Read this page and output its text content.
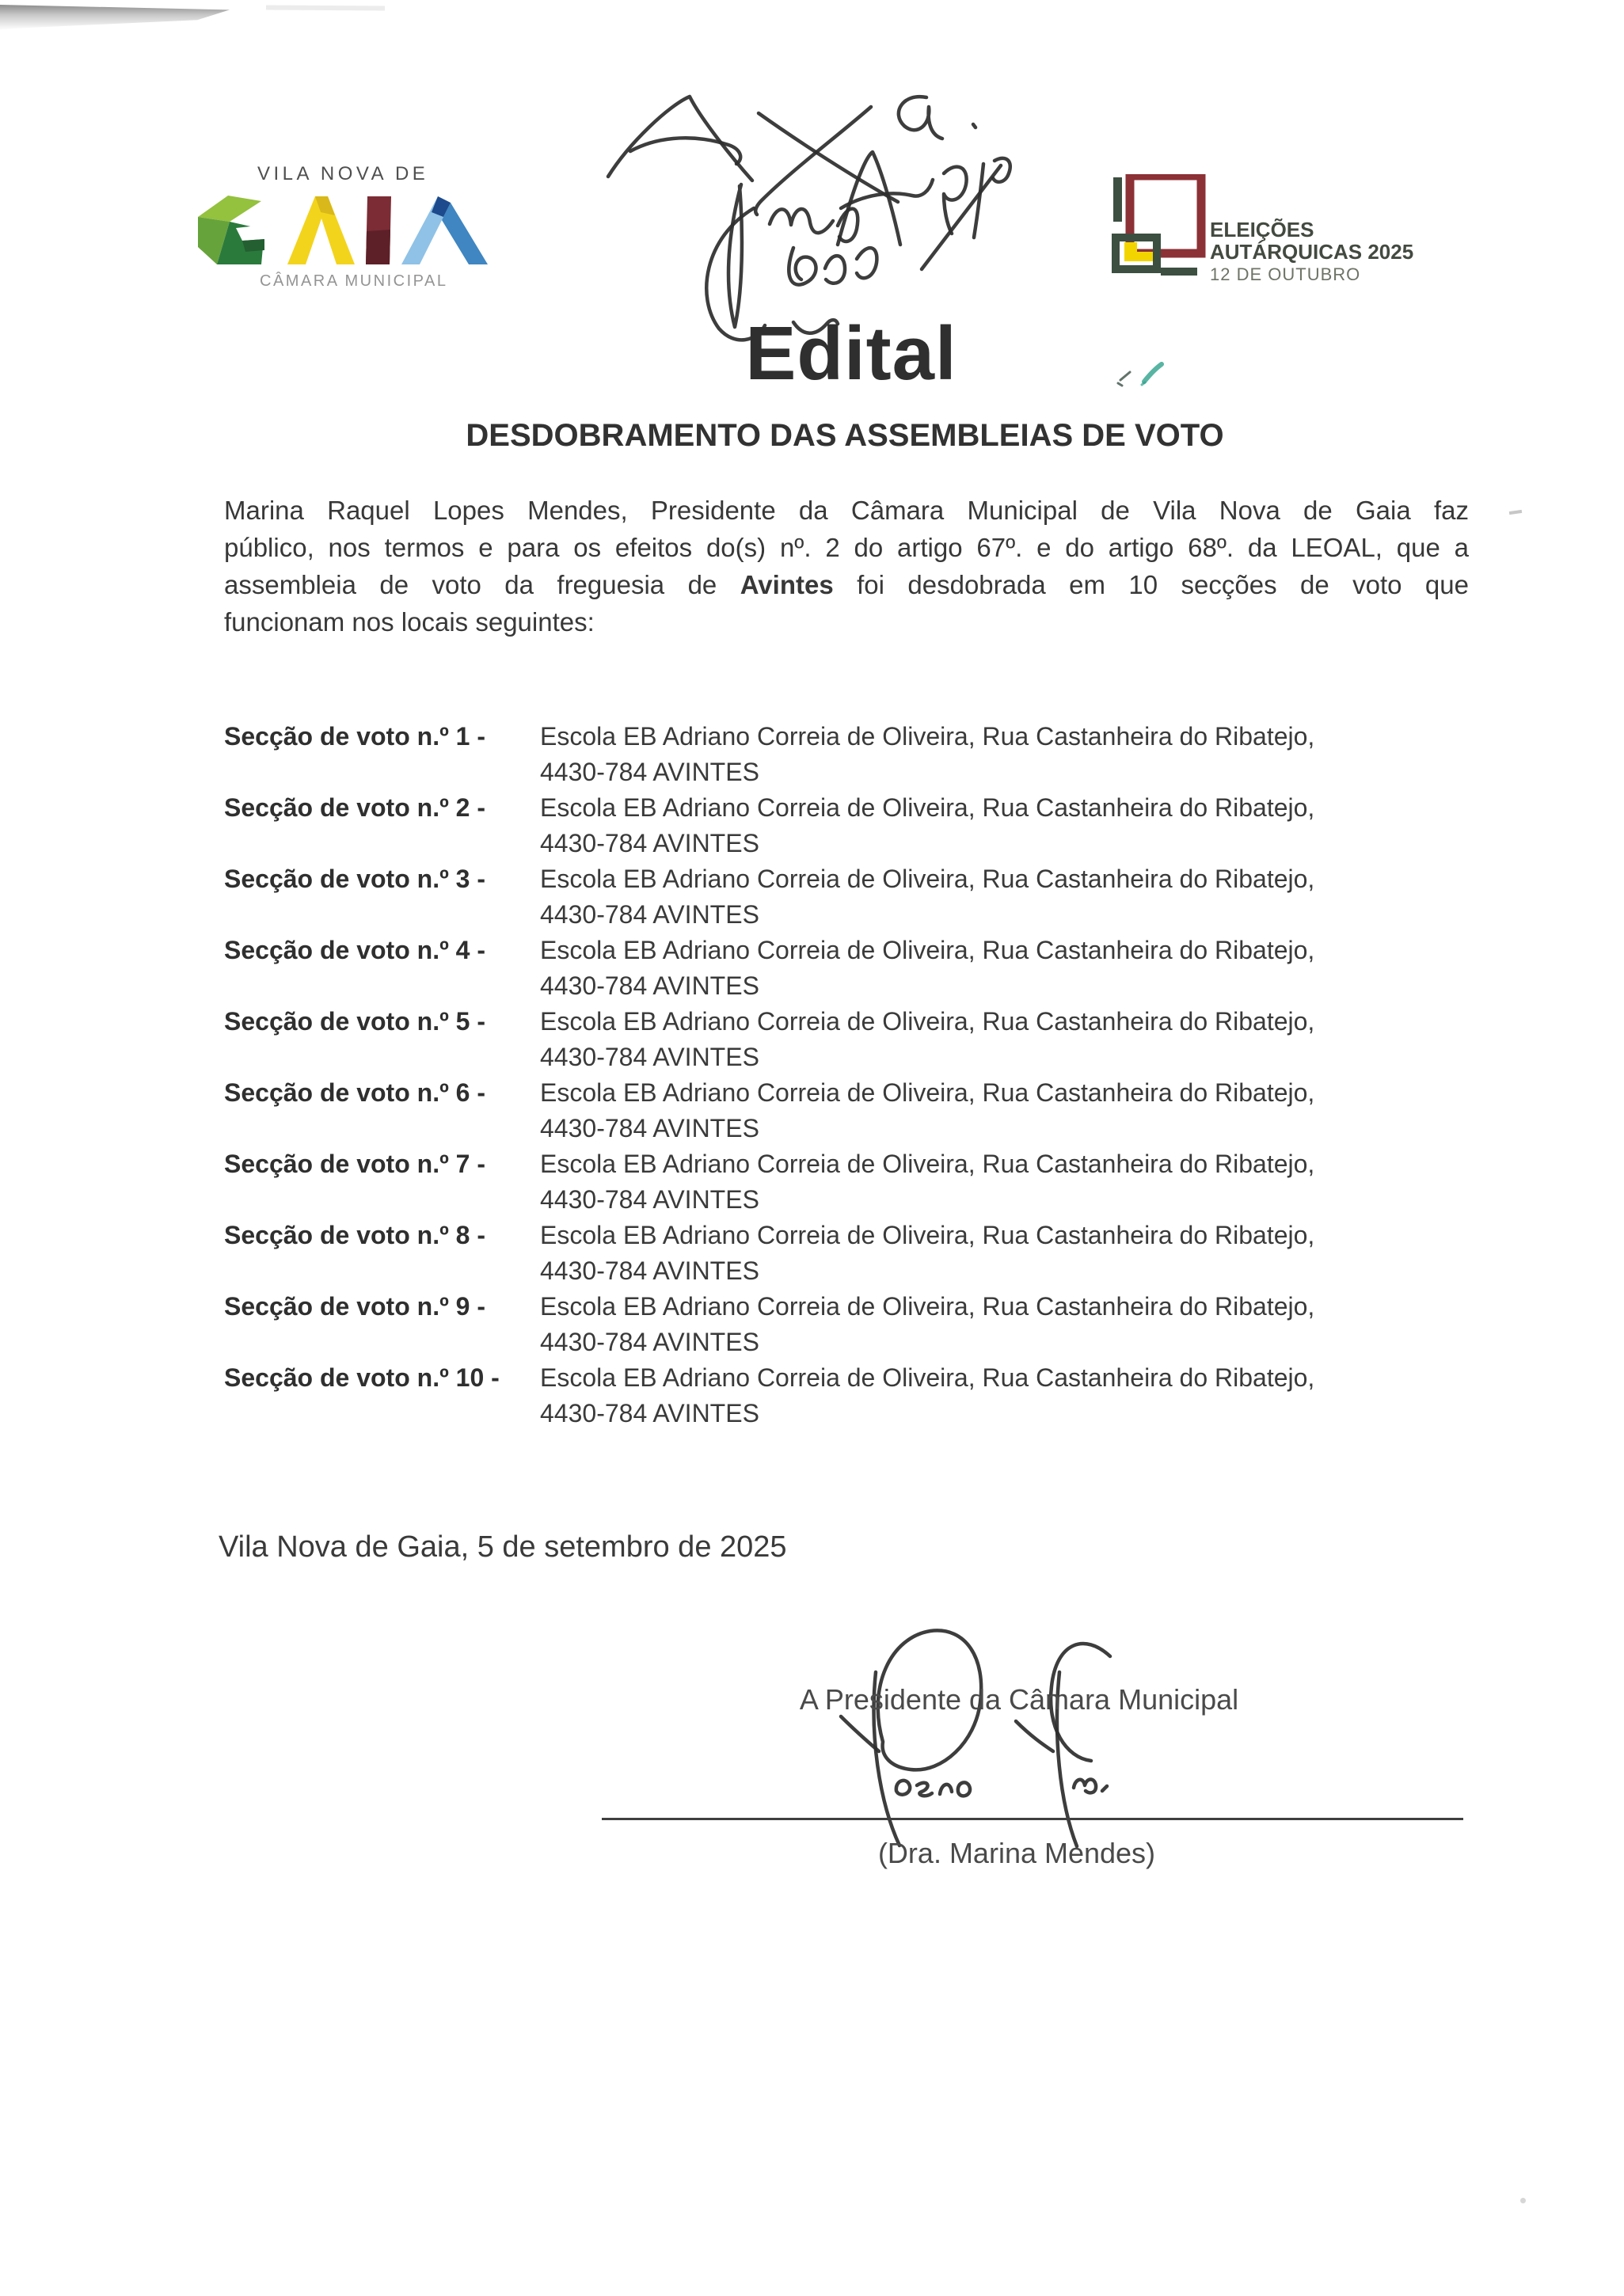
VILA NOVA DE
CÂMARA MUNICIPAL
ELEIÇÕES
AUTÁRQUICAS 2025
12 DE OUTUBRO
Edital
DESDOBRAMENTO DAS ASSEMBLEIAS DE VOTO
Marina Raquel Lopes Mendes, Presidente da Câmara Municipal de Vila Nova de Gaia faz
público, nos termos e para os efeitos do(s) nº. 2 do artigo 67º. e do artigo 68º. da LEOAL, que a
assembleia de voto da freguesia de Avintes foi desdobrada em 10 secções de voto que
funcionam nos locais seguintes:
Secção de voto n.º 1 -	Escola EB Adriano Correia de Oliveira, Rua Castanheira do Ribatejo,
4430-784 AVINTES
Secção de voto n.º 2 -	Escola EB Adriano Correia de Oliveira, Rua Castanheira do Ribatejo,
4430-784 AVINTES
Secção de voto n.º 3 -	Escola EB Adriano Correia de Oliveira, Rua Castanheira do Ribatejo,
4430-784 AVINTES
Secção de voto n.º 4 -	Escola EB Adriano Correia de Oliveira, Rua Castanheira do Ribatejo,
4430-784 AVINTES
Secção de voto n.º 5 -	Escola EB Adriano Correia de Oliveira, Rua Castanheira do Ribatejo,
4430-784 AVINTES
Secção de voto n.º 6 -	Escola EB Adriano Correia de Oliveira, Rua Castanheira do Ribatejo,
4430-784 AVINTES
Secção de voto n.º 7 -	Escola EB Adriano Correia de Oliveira, Rua Castanheira do Ribatejo,
4430-784 AVINTES
Secção de voto n.º 8 -	Escola EB Adriano Correia de Oliveira, Rua Castanheira do Ribatejo,
4430-784 AVINTES
Secção de voto n.º 9 -	Escola EB Adriano Correia de Oliveira, Rua Castanheira do Ribatejo,
4430-784 AVINTES
Secção de voto n.º 10 -	Escola EB Adriano Correia de Oliveira, Rua Castanheira do Ribatejo,
4430-784 AVINTES
Vila Nova de Gaia, 5 de setembro de 2025
A Presidente da Câmara Municipal
(Dra. Marina Mendes)
